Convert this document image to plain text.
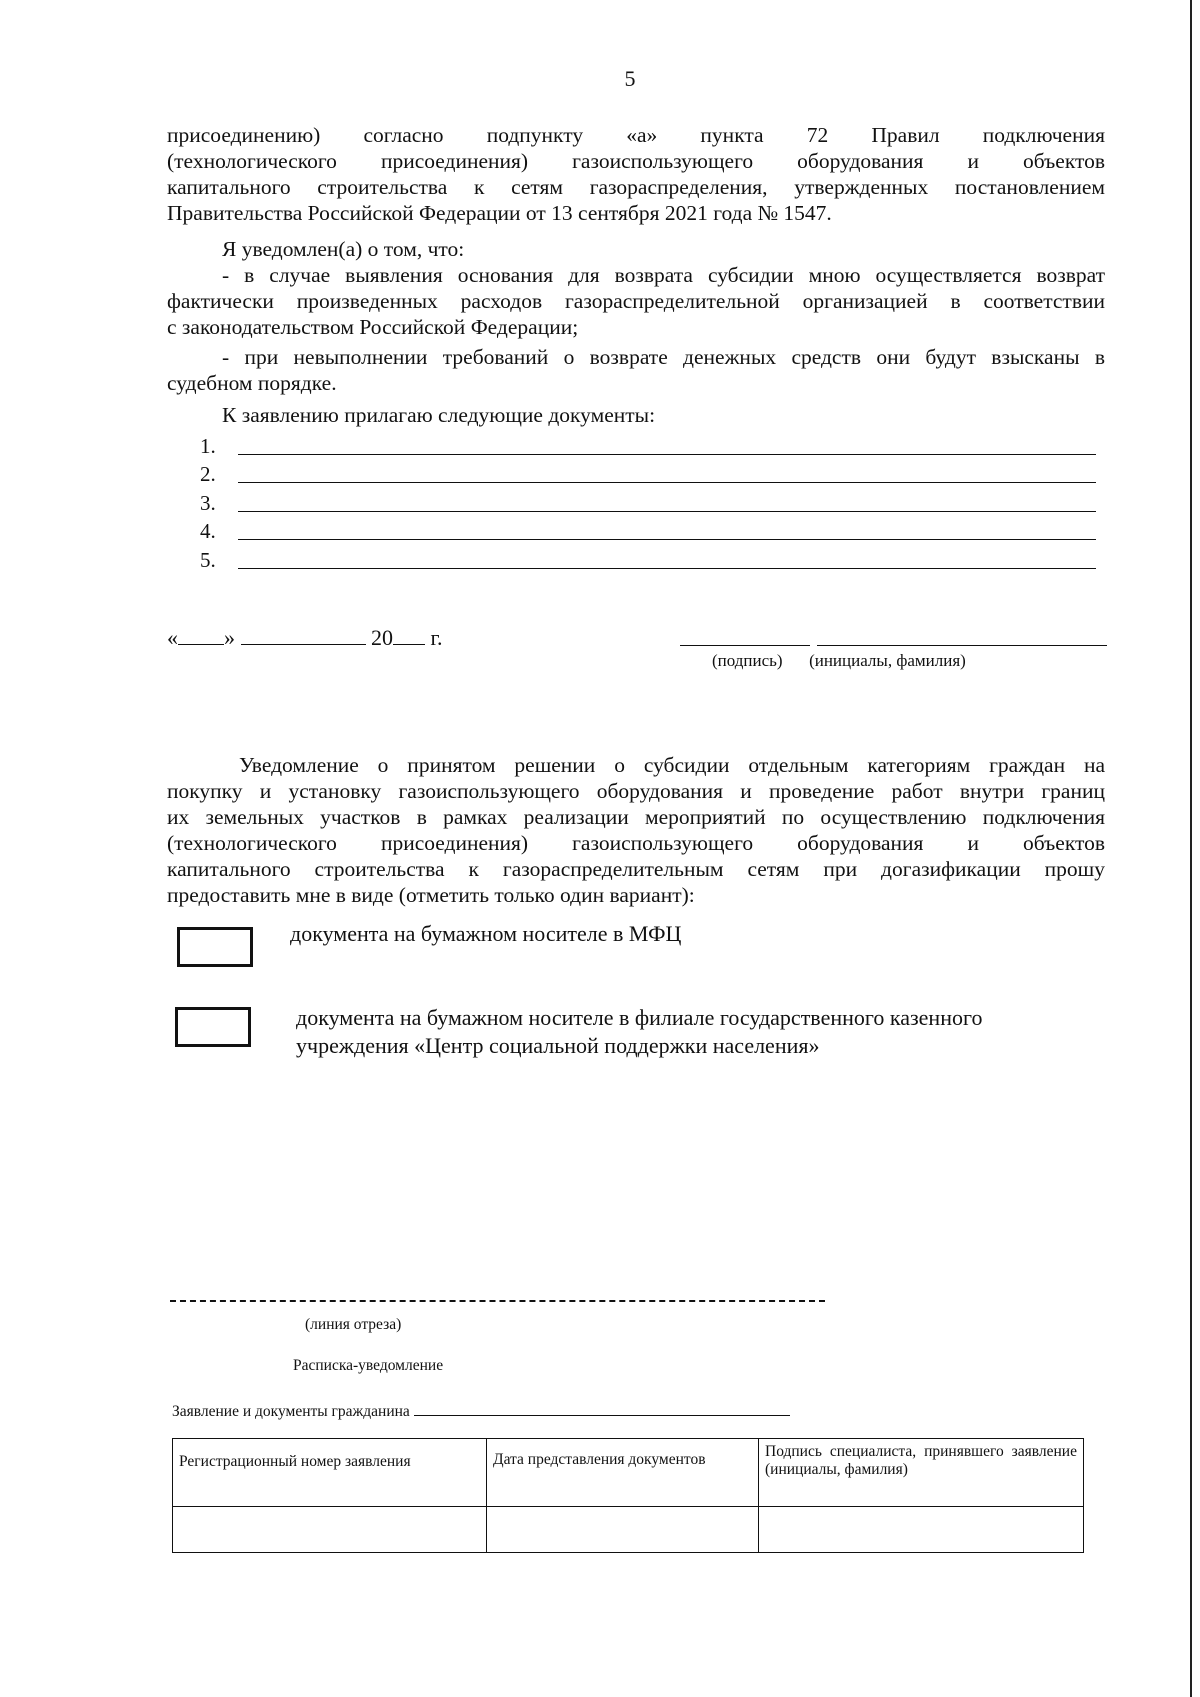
5

присоединению) согласно подпункту «а» пункта 72 Правил подключения

(технологического присоединения) газоиспользующего оборудования и объектов

капитального строительства к сетям газораспределения, утвержденных постановлением

Правительства Российской Федерации от 13 сентября 2021 года № 1547.

Я уведомлен(а) о том, что:

- в случае выявления основания для возврата субсидии мною осуществляется возврат

фактически произведенных расходов газораспределительной организацией в соответствии

с законодательством Российской Федерации;

- при невыполнении требований о возврате денежных средств они будут взысканы в

судебном порядке.

К заявлению прилагаю следующие документы:

1.
2.
3.
4.
5.
« »	20 г.
(подпись) (инициалы, фамилия)

Уведомление о принятом решении о субсидии отдельным категориям граждан на

покупку и установку газоиспользующего оборудования и проведение работ внутри границ

их земельных участков в рамках реализации мероприятий по осуществлению подключения

(технологического присоединения) газоиспользующего оборудования и объектов

капитального строительства к газораспределительным сетям при догазификации прошу

предоставить мне в виде (отметить только один вариант):

документа на бумажном носителе в МФЦ
документа на бумажном носителе в филиале государственного казенного
учреждения «Центр социальной поддержки населения»
(линия отреза)
Расписка-уведомление
Заявление и документы гражданина
Регистрационный номер заявления	Дата представления документов	Подпись специалиста, принявшего заявление (инициалы, фамилия)
